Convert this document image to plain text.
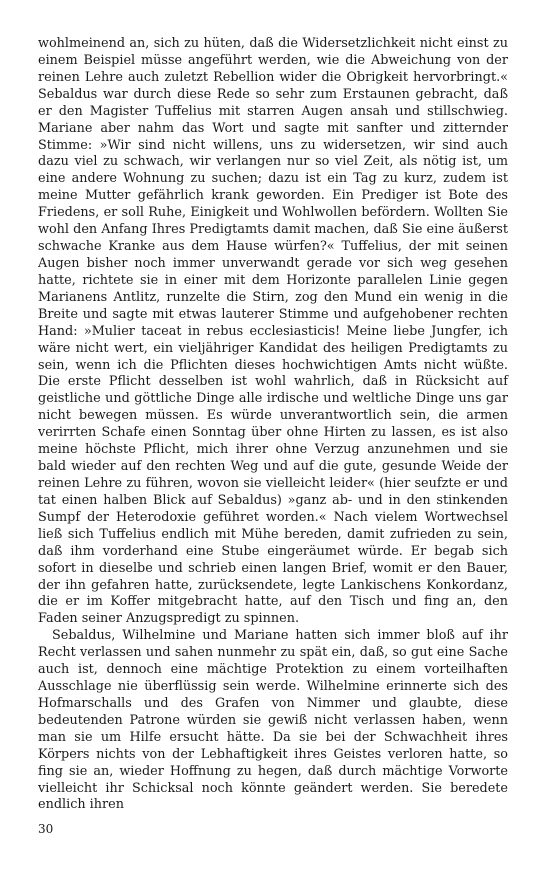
wohlmeinend an, sich zu hüten, daß die Widersetzlichkeit nicht einst zu einem Beispiel müsse angeführt werden, wie die Abweichung von der reinen Lehre auch zuletzt Rebellion wider die Obrigkeit hervorbringt.« Sebaldus war durch diese Rede so sehr zum Erstaunen gebracht, daß er den Magister Tuffelius mit starren Augen ansah und stillschwieg. Mariane aber nahm das Wort und sagte mit sanfter und zitternder Stimme: »Wir sind nicht willens, uns zu widersetzen, wir sind auch dazu viel zu schwach, wir verlangen nur so viel Zeit, als nötig ist, um eine andere Wohnung zu suchen; dazu ist ein Tag zu kurz, zudem ist meine Mutter gefährlich krank geworden. Ein Prediger ist Bote des Friedens, er soll Ruhe, Einigkeit und Wohlwollen befördern. Wollten Sie wohl den Anfang Ihres Predigtamts damit machen, daß Sie eine äußerst schwache Kranke aus dem Hause würfen?« Tuffelius, der mit seinen Augen bisher noch immer unverwandt gerade vor sich weg gesehen hatte, richtete sie in einer mit dem Horizonte parallelen Linie gegen Marianens Antlitz, runzelte die Stirn, zog den Mund ein wenig in die Breite und sagte mit etwas lauterer Stimme und aufgehobener rechten Hand: »Mulier taceat in rebus ecclesiasticis! Meine liebe Jungfer, ich wäre nicht wert, ein vieljähriger Kandidat des heiligen Predigtamts zu sein, wenn ich die Pflichten dieses hochwichtigen Amts nicht wüßte. Die erste Pflicht desselben ist wohl wahrlich, daß in Rücksicht auf geistliche und göttliche Dinge alle irdische und weltliche Dinge uns gar nicht bewegen müssen. Es würde unverantwortlich sein, die armen verirrten Schafe einen Sonntag über ohne Hirten zu lassen, es ist also meine höchste Pflicht, mich ihrer ohne Verzug anzunehmen und sie bald wieder auf den rechten Weg und auf die gute, gesunde Weide der reinen Lehre zu führen, wovon sie vielleicht leider« (hier seufzte er und tat einen halben Blick auf Sebaldus) »ganz ab- und in den stinkenden Sumpf der Heterodoxie geführet worden.« Nach vielem Wortwechsel ließ sich Tuffelius endlich mit Mühe bereden, damit zufrieden zu sein, daß ihm vorderhand eine Stube eingeräumet würde. Er begab sich sofort in dieselbe und schrieb einen langen Brief, womit er den Bauer, der ihn gefahren hatte, zurücksendete, legte Lankischens Konkordanz, die er im Koffer mitgebracht hatte, auf den Tisch und fing an, den Faden seiner Anzugspredigt zu spinnen.

Sebaldus, Wilhelmine und Mariane hatten sich immer bloß auf ihr Recht verlassen und sahen nunmehr zu spät ein, daß, so gut eine Sache auch ist, dennoch eine mächtige Protektion zu einem vorteilhaften Ausschlage nie überflüssig sein werde. Wilhelmine erinnerte sich des Hofmarschalls und des Grafen von Nimmer und glaubte, diese bedeutenden Patrone würden sie gewiß nicht verlassen haben, wenn man sie um Hilfe ersucht hätte. Da sie bei der Schwachheit ihres Körpers nichts von der Lebhaftigkeit ihres Geistes verloren hatte, so fing sie an, wieder Hoffnung zu hegen, daß durch mächtige Vorworte vielleicht ihr Schicksal noch könnte geändert werden. Sie beredete endlich ihren

30
